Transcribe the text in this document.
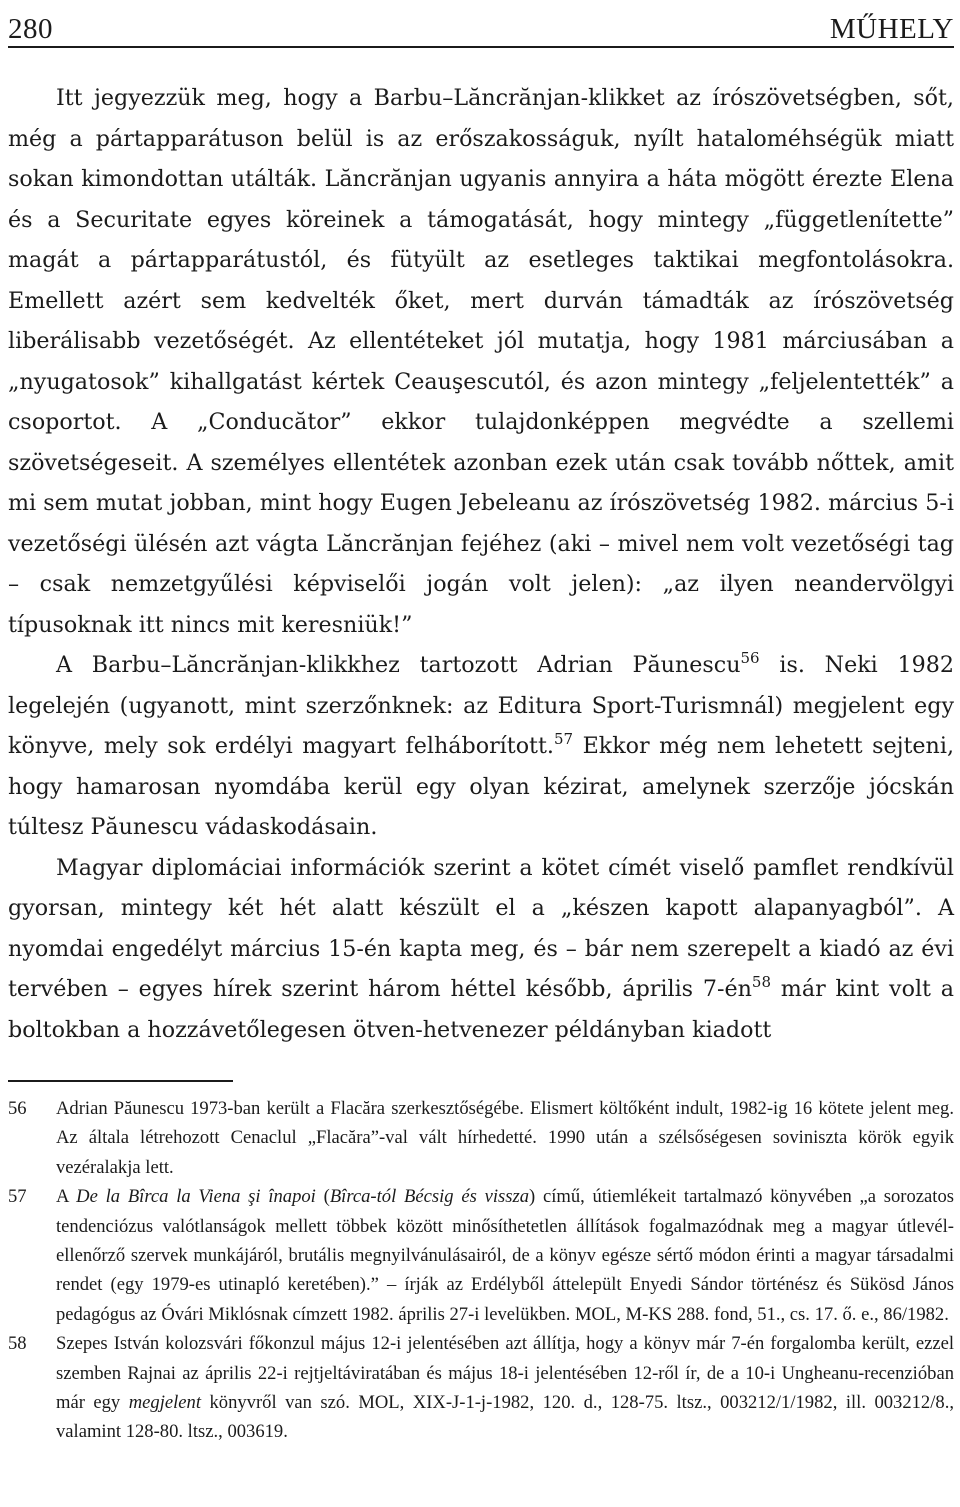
280	MŰHELY

Itt jegyezzük meg, hogy a Barbu–Lăncrănjan-klikket az írószövetségben, sőt, még a pártapparátuson belül is az erőszakosságuk, nyílt hataloméhségük miatt sokan kimondottan utálták. Lăncrănjan ugyanis annyira a háta mögött érezte Elena és a Securitate egyes köreinek a támogatását, hogy mintegy „függetlenítette” magát a pártapparátustól, és fütyült az esetleges taktikai megfontolásokra. Emellett azért sem kedvelték őket, mert durván támadták az írószövetség liberálisabb vezetőségét. Az ellentéteket jól mutatja, hogy 1981 márciusában a „nyugatosok” kihallgatást kértek Ceauşescutól, és azon mintegy „feljelentették” a csoportot. A „Conducător” ekkor tulajdonképpen megvédte a szellemi szövetségeseit. A személyes ellentétek azonban ezek után csak tovább nőttek, amit mi sem mutat jobban, mint hogy Eugen Jebeleanu az írószövetség 1982. március 5-i vezetőségi ülésén azt vágta Lăncrănjan fejéhez (aki – mivel nem volt vezetőségi tag – csak nemzetgyűlési képviselői jogán volt jelen): „az ilyen neandervölgyi típusoknak itt nincs mit keresniük!”

A Barbu–Lăncrănjan-klikkhez tartozott Adrian Păunescu$^{56}$ is. Neki 1982 legelején (ugyanott, mint szerzőnknek: az Editura Sport-Turismnál) megjelent egy könyve, mely sok erdélyi magyart felháborított.$^{57}$ Ekkor még nem lehetett sejteni, hogy hamarosan nyomdába kerül egy olyan kézirat, amelynek szerzője jócskán túltesz Păunescu vádaskodásain.

Magyar diplomáciai információk szerint a kötet címét viselő pamflet rendkívül gyorsan, mintegy két hét alatt készült el a „készen kapott alapanyagból”. A nyomdai engedélyt március 15-én kapta meg, és – bár nem szerepelt a kiadó az évi tervében – egyes hírek szerint három héttel később, április $7-én^{58}$ már kint volt a boltokban a hozzávetőlegesen ötven-hetvenezer példányban kiadott

56	Adrian Păunescu 1973-ban került a Flacăra szerkesztőségébe. Elismert költőként indult, 1982-ig 16 kötete jelent meg. Az általa létrehozott Cenaclul „Flacăra”-val vált hírhedetté. 1990 után a szélsőségesen soviniszta körök egyik vezéralakja lett.
57	A De la Bîrca la Viena şi înapoi (Bîrca-tól Bécsig és vissza) című, útiemlékeit tartalmazó könyvében „a sorozatos tendenciózus valótlanságok mellett többek között minősíthetetlen állítások fogalmazódnak meg a magyar útlevél-ellenőrző szervek munkájáról, brutális megnyilvánulásairól, de a könyv egésze sértő módon érinti a magyar társadalmi rendet (egy 1979-es utinapló keretében).” – írják az Erdélyből áttelepült Enyedi Sándor történész és Sükösd János pedagógus az Óvári Miklósnak címzett 1982. április 27-i levelükben. MOL, M-KS 288. fond, 51., cs. 17. ő. e., 86/1982.
58	Szepes István kolozsvári főkonzul május 12-i jelentésében azt állítja, hogy a könyv már 7-én forgalomba került, ezzel szemben Rajnai az április 22-i rejtjeltáviratában és május 18-i jelentésében 12-ről ír, de a 10-i Ungheanu-recenzióban már egy megjelent könyvről van szó. MOL, XIX-J-1-j-1982, 120. d., 128-75. ltsz., 003212/1/1982, ill. 003212/8., valamint 128-80. ltsz., 003619.
